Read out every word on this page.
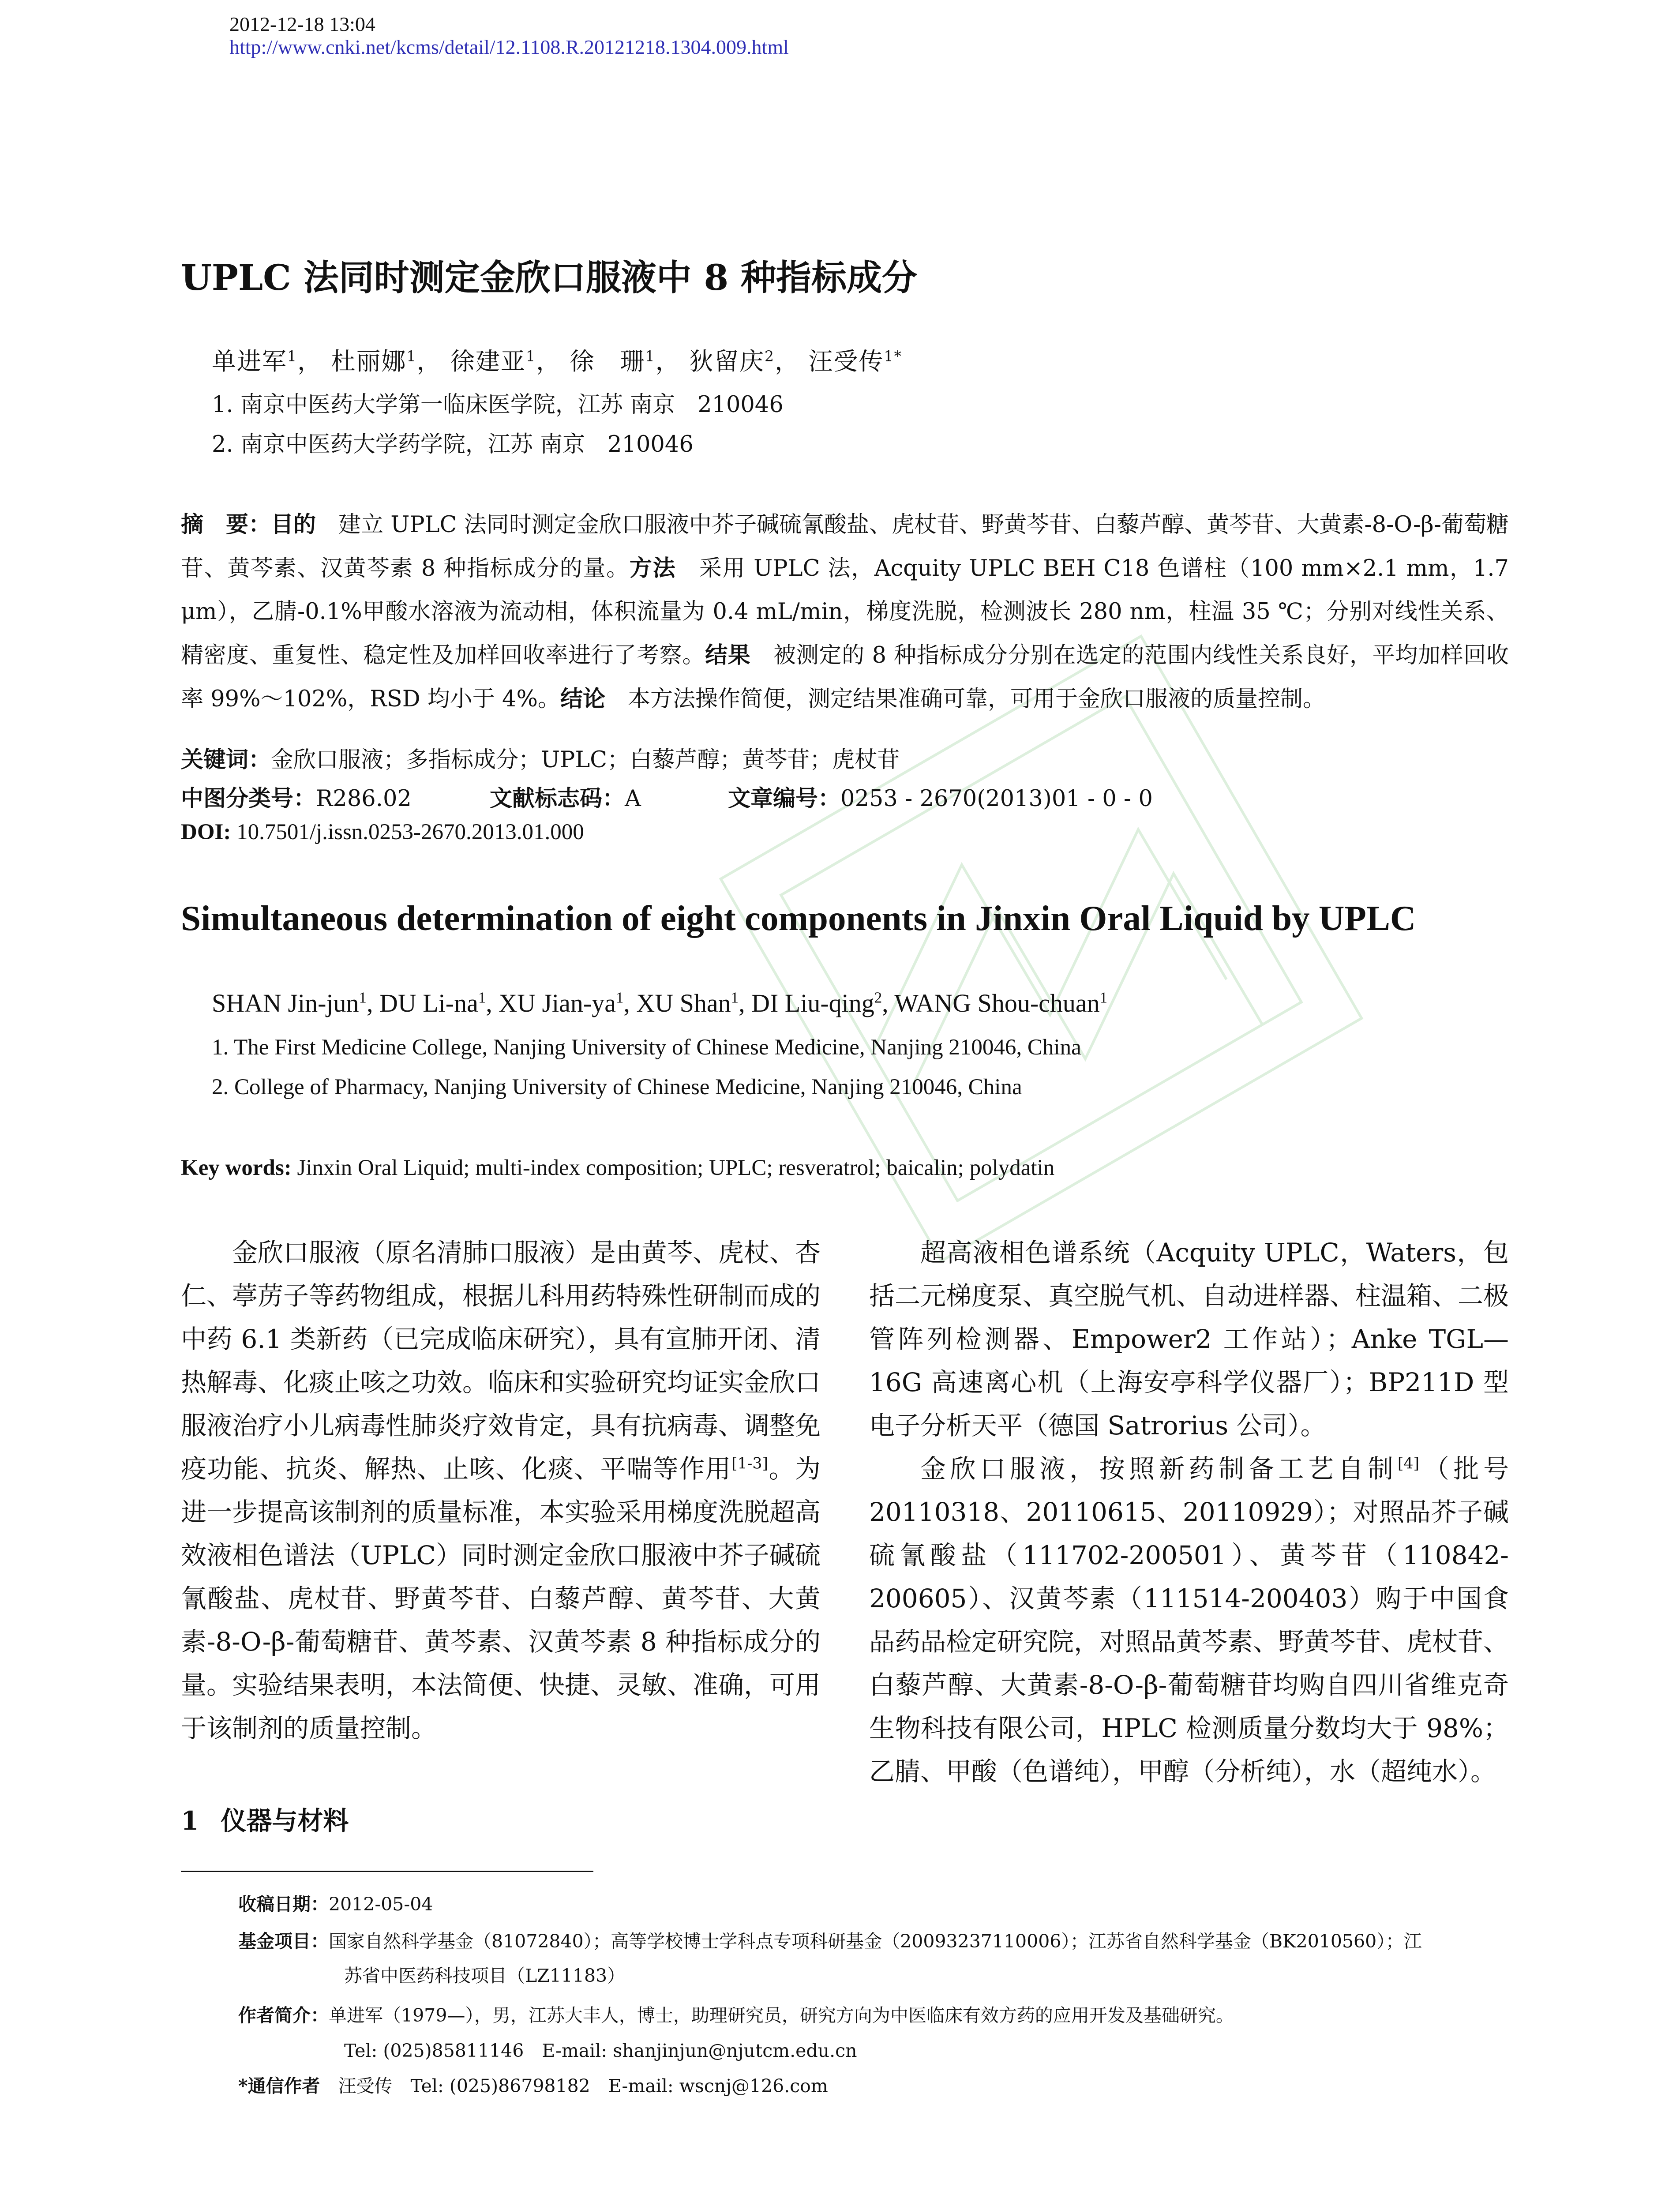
2012-12-18 13:04
http://www.cnki.net/kcms/detail/12.1108.R.20121218.1304.009.html
UPLC 法同时测定金欣口服液中 8 种指标成分
单进军$^1$， 杜丽娜$^1$， 徐建亚$^1$， 徐　珊$^1$， 狄留庆$^2$， 汪受传$^{1*}$
1. 南京中医药大学第一临床医学院，江苏 南京　210046
2. 南京中医药大学药学院，江苏 南京　210046
摘　要：目的　建立 UPLC 法同时测定金欣口服液中芥子碱硫氰酸盐、虎杖苷、野黄芩苷、白藜芦醇、黄芩苷、大黄素-8-O-β-葡萄糖苷、黄芩素、汉黄芩素 8 种指标成分的量。方法　采用 UPLC 法，Acquity UPLC BEH C18 色谱柱（100 mm×2.1 mm，1.7 μm），乙腈-0.1%甲酸水溶液为流动相，体积流量为 0.4 mL/min，梯度洗脱，检测波长 280 nm，柱温 35 ℃；分别对线性关系、精密度、重复性、稳定性及加样回收率进行了考察。结果　被测定的 8 种指标成分分别在选定的范围内线性关系良好，平均加样回收率 99%～102%，RSD 均小于 4%。结论　本方法操作简便，测定结果准确可靠，可用于金欣口服液的质量控制。
关键词：金欣口服液；多指标成分；UPLC；白藜芦醇；黄芩苷；虎杖苷
中图分类号：R286.02	文献标志码：A	文章编号：0253 - 2670(2013)01 - 0 - 0
DOI: 10.7501/j.issn.0253-2670.2013.01.000
Simultaneous determination of eight components in Jinxin Oral Liquid by UPLC
SHAN Jin-jun$^1$, DU $Li-na^1$, XU Jian-$ya^1$, XU Shan$^1$, DI Liu-qing$^2$, WANG Shou-chuan$^1$
1. The First Medicine College, Nanjing University of Chinese Medicine, Nanjing 210046, China
2. College of Pharmacy, Nanjing University of Chinese Medicine, Nanjing 210046, China
Key words: Jinxin Oral Liquid; multi-index composition; UPLC; resveratrol; baicalin; polydatin

金欣口服液（原名清肺口服液）是由黄芩、虎杖、杏仁、葶苈子等药物组成，根据儿科用药特殊性研制而成的中药 6.1 类新药（已完成临床研究），具有宣肺开闭、清热解毒、化痰止咳之功效。临床和实验研究均证实金欣口服液治疗小儿病毒性肺炎疗效肯定，具有抗病毒、调整免疫功能、抗炎、解热、止咳、化痰、平喘等作用[1-3]。为进一步提高该制剂的质量标准，本实验采用梯度洗脱超高效液相色谱法（UPLC）同时测定金欣口服液中芥子碱硫氰酸盐、虎杖苷、野黄芩苷、白藜芦醇、黄芩苷、大黄素-8-O-β-葡萄糖苷、黄芩素、汉黄芩素 8 种指标成分的量。实验结果表明，本法简便、快捷、灵敏、准确，可用于该制剂的质量控制。

1 仪器与材料

超高液相色谱系统（Acquity UPLC，Waters，包括二元梯度泵、真空脱气机、自动进样器、柱温箱、二极管阵列检测器、Empower2 工作站）；Anke TGL—16G 高速离心机（上海安亭科学仪器厂）；BP211D 型电子分析天平（德国 Satrorius 公司）。

金欣口服液，按照新药制备工艺自制[4]（批号 20110318、20110615、20110929）；对照品芥子碱硫氰酸盐（111702-200501）、黄芩苷（110842-200605）、汉黄芩素（111514-200403）购于中国食品药品检定研究院，对照品黄芩素、野黄芩苷、虎杖苷、白藜芦醇、大黄素-8-O-β-葡萄糖苷均购自四川省维克奇生物科技有限公司，HPLC 检测质量分数均大于 98%；乙腈、甲酸（色谱纯），甲醇（分析纯），水（超纯水）。

收稿日期：2012-05-04
基金项目：国家自然科学基金（81072840）；高等学校博士学科点专项科研基金（20093237110006）；江苏省自然科学基金（BK2010560）；江
苏省中医药科技项目（LZ11183）
作者简介：单进军（1979—），男，江苏大丰人，博士，助理研究员，研究方向为中医临床有效方药的应用开发及基础研究。
Tel: (025)85811146　E-mail: shanjinjun@njutcm.edu.cn
*通信作者　汪受传　Tel: (025)86798182　E-mail: wscnj@126.com
